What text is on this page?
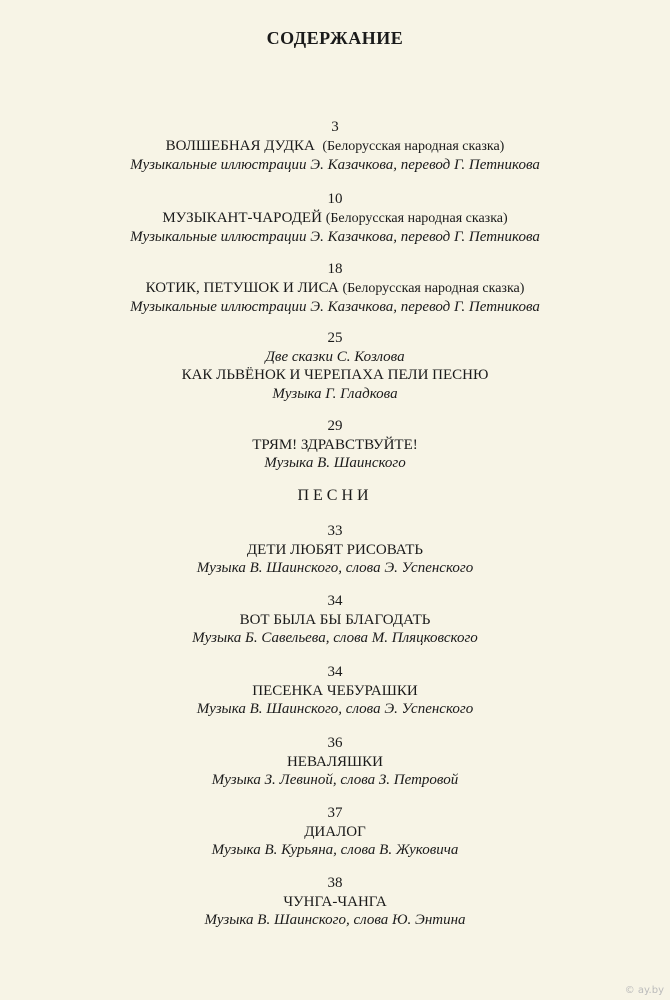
СОДЕРЖАНИЕ
3
ВОЛШЕБНАЯ ДУДКА (Белорусская народная сказка)
Музыкальные иллюстрации Э. Казачкова, перевод Г. Петникова
10
МУЗЫКАНТ-ЧАРОДЕЙ (Белорусская народная сказка)
Музыкальные иллюстрации Э. Казачкова, перевод Г. Петникова
18
КОТИК, ПЕТУШОК И ЛИСА (Белорусская народная сказка)
Музыкальные иллюстрации Э. Казачкова, перевод Г. Петникова
25
Две сказки С. Козлова
КАК ЛЬВЁНОК И ЧЕРЕПАХА ПЕЛИ ПЕСНЮ
Музыка Г. Гладкова
29
ТРЯМ! ЗДРАВСТВУЙТЕ!
Музыка В. Шаинского
ПЕСНИ
33
ДЕТИ ЛЮБЯТ РИСОВАТЬ
Музыка В. Шаинского, слова Э. Успенского
34
ВОТ БЫЛА БЫ БЛАГОДАТЬ
Музыка Б. Савельева, слова М. Пляцковского
34
ПЕСЕНКА ЧЕБУРАШКИ
Музыка В. Шаинского, слова Э. Успенского
36
НЕВАЛЯШКИ
Музыка З. Левиной, слова З. Петровой
37
ДИАЛОГ
Музыка В. Курьяна, слова В. Жуковича
38
ЧУНГА-ЧАНГА
Музыка В. Шаинского, слова Ю. Энтина
© ay.by
